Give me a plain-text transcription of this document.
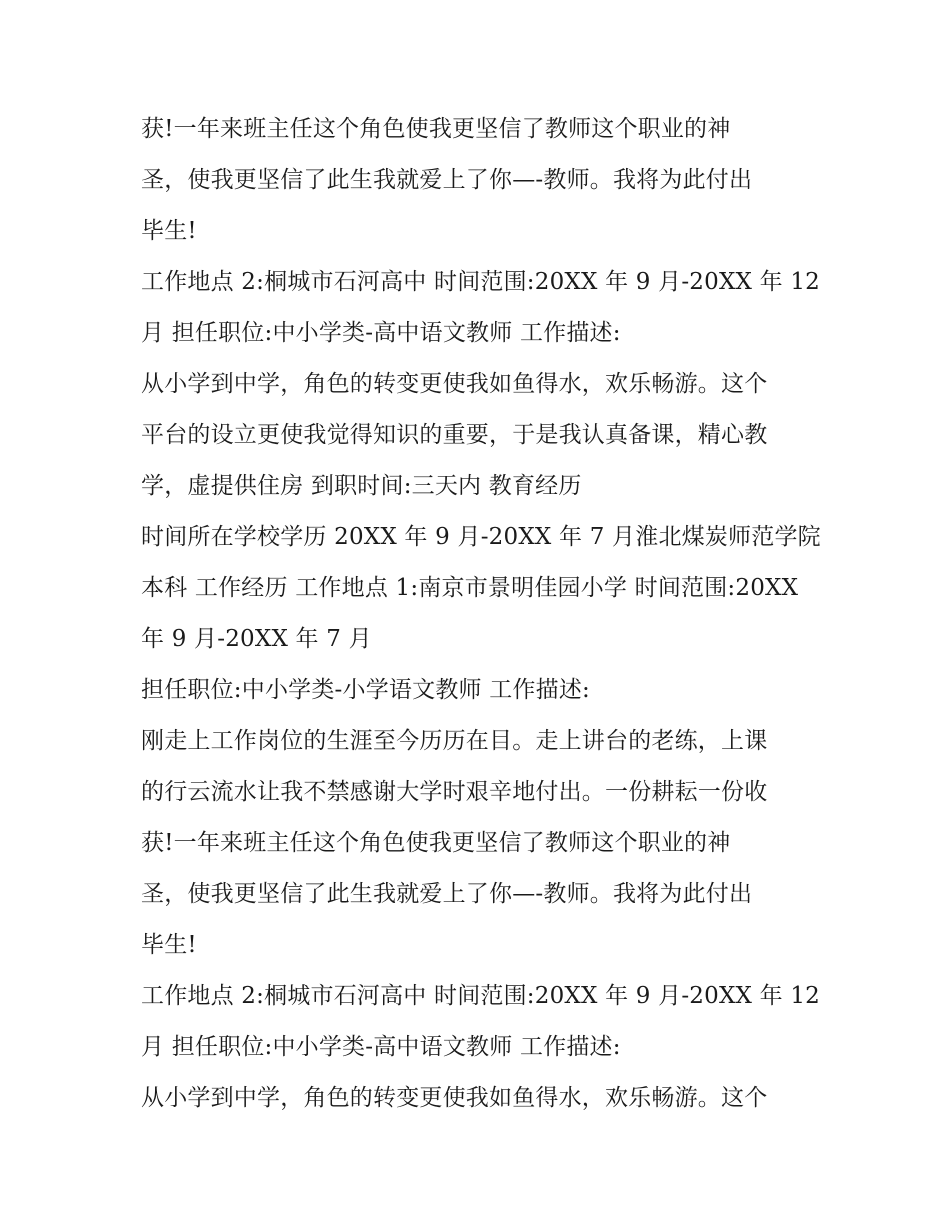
获!一年来班主任这个角色使我更坚信了教师这个职业的神
圣，使我更坚信了此生我就爱上了你—-教师。我将为此付出
毕生!
工作地点 2:桐城市石河高中 时间范围:20XX 年 9 月-20XX 年 12
月 担任职位:中小学类-高中语文教师 工作描述:
从小学到中学，角色的转变更使我如鱼得水，欢乐畅游。这个
平台的设立更使我觉得知识的重要，于是我认真备课，精心教
学，虚提供住房 到职时间:三天内 教育经历
时间所在学校学历 20XX 年 9 月-20XX 年 7 月淮北煤炭师范学院
本科 工作经历 工作地点 1:南京市景明佳园小学 时间范围:20XX
年 9 月-20XX 年 7 月
担任职位:中小学类-小学语文教师 工作描述:
刚走上工作岗位的生涯至今历历在目。走上讲台的老练，上课
的行云流水让我不禁感谢大学时艰辛地付出。一份耕耘一份收
获!一年来班主任这个角色使我更坚信了教师这个职业的神
圣，使我更坚信了此生我就爱上了你—-教师。我将为此付出
毕生!
工作地点 2:桐城市石河高中 时间范围:20XX 年 9 月-20XX 年 12
月 担任职位:中小学类-高中语文教师 工作描述:
从小学到中学，角色的转变更使我如鱼得水，欢乐畅游。这个
